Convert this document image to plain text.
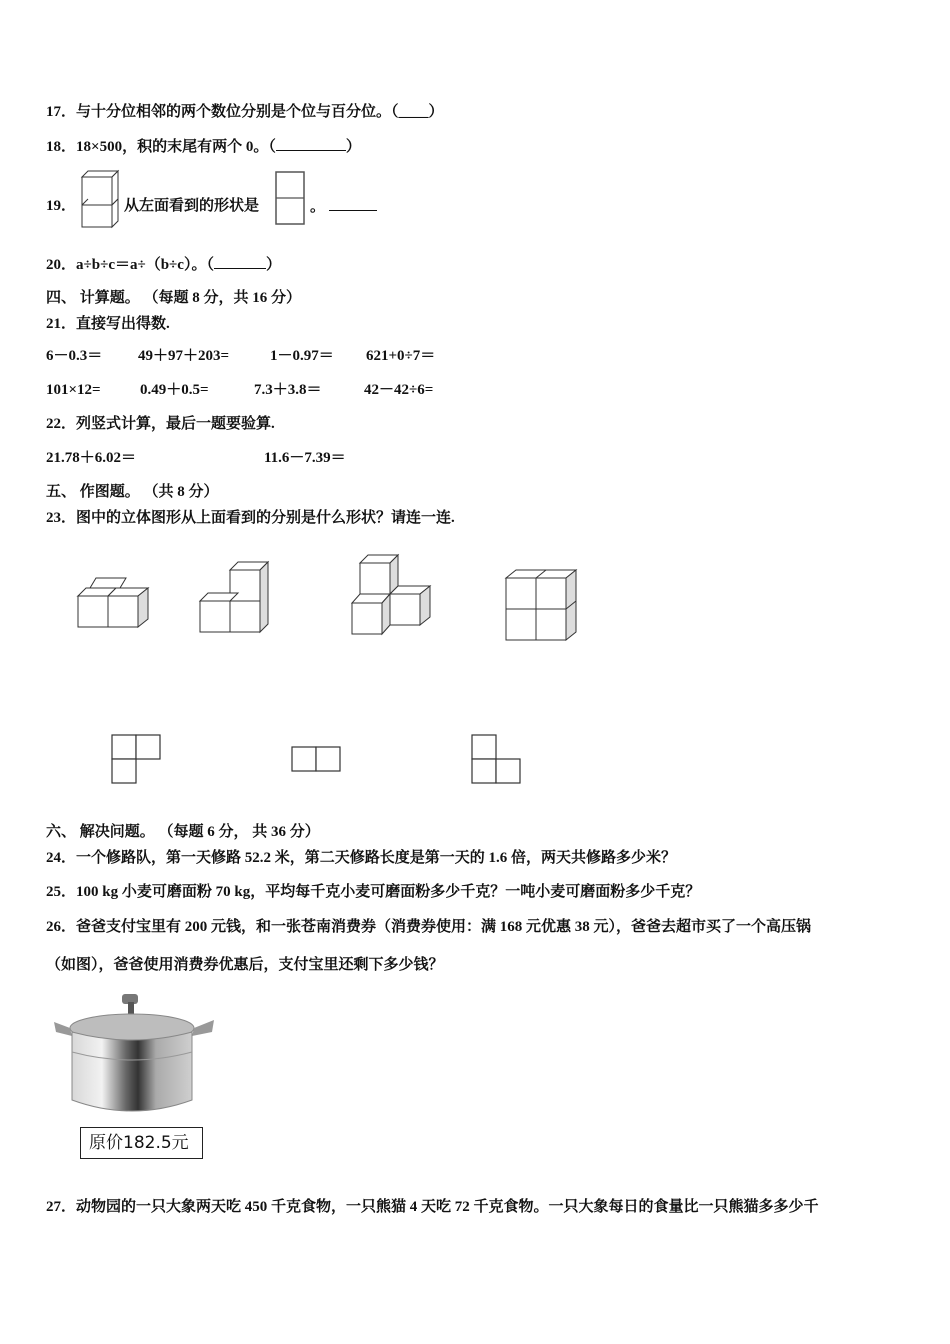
17．与十分位相邻的两个数位分别是个位与百分位。（____）
18．18×500，积的末尾有两个 0。（	）
19．	从左面看到的形状是	。
20．a÷b÷c＝a÷（b÷c）。（	）
四、 计算题。 （每题 8 分，共 16 分）
21．直接写出得数.
6－0.3＝ 49＋97＋203=	1－0.97＝ 621+0÷7＝
101×12=	0.49＋0.5=	7.3＋3.8＝	42－42÷6=
22．列竖式计算，最后一题要验算.
21.78＋6.02＝	11.6－7.39＝
五、 作图题。 （共 8 分）
23．图中的立体图形从上面看到的分别是什么形状？请连一连.
六、 解决问题。 （每题 6 分， 共 36 分）
24．一个修路队，第一天修路 52.2 米，第二天修路长度是第一天的 1.6 倍，两天共修路多少米？
25．100 kg 小麦可磨面粉 70 kg，平均每千克小麦可磨面粉多少千克？一吨小麦可磨面粉多少千克？
26．爸爸支付宝里有 200 元钱，和一张苍南消费券（消费券使用：满 168 元优惠 38 元），爸爸去超市买了一个高压锅
（如图），爸爸使用消费券优惠后，支付宝里还剩下多少钱？
原价182.5元
27．动物园的一只大象两天吃 450 千克食物，一只熊猫 4 天吃 72 千克食物。一只大象每日的食量比一只熊猫多多少千
